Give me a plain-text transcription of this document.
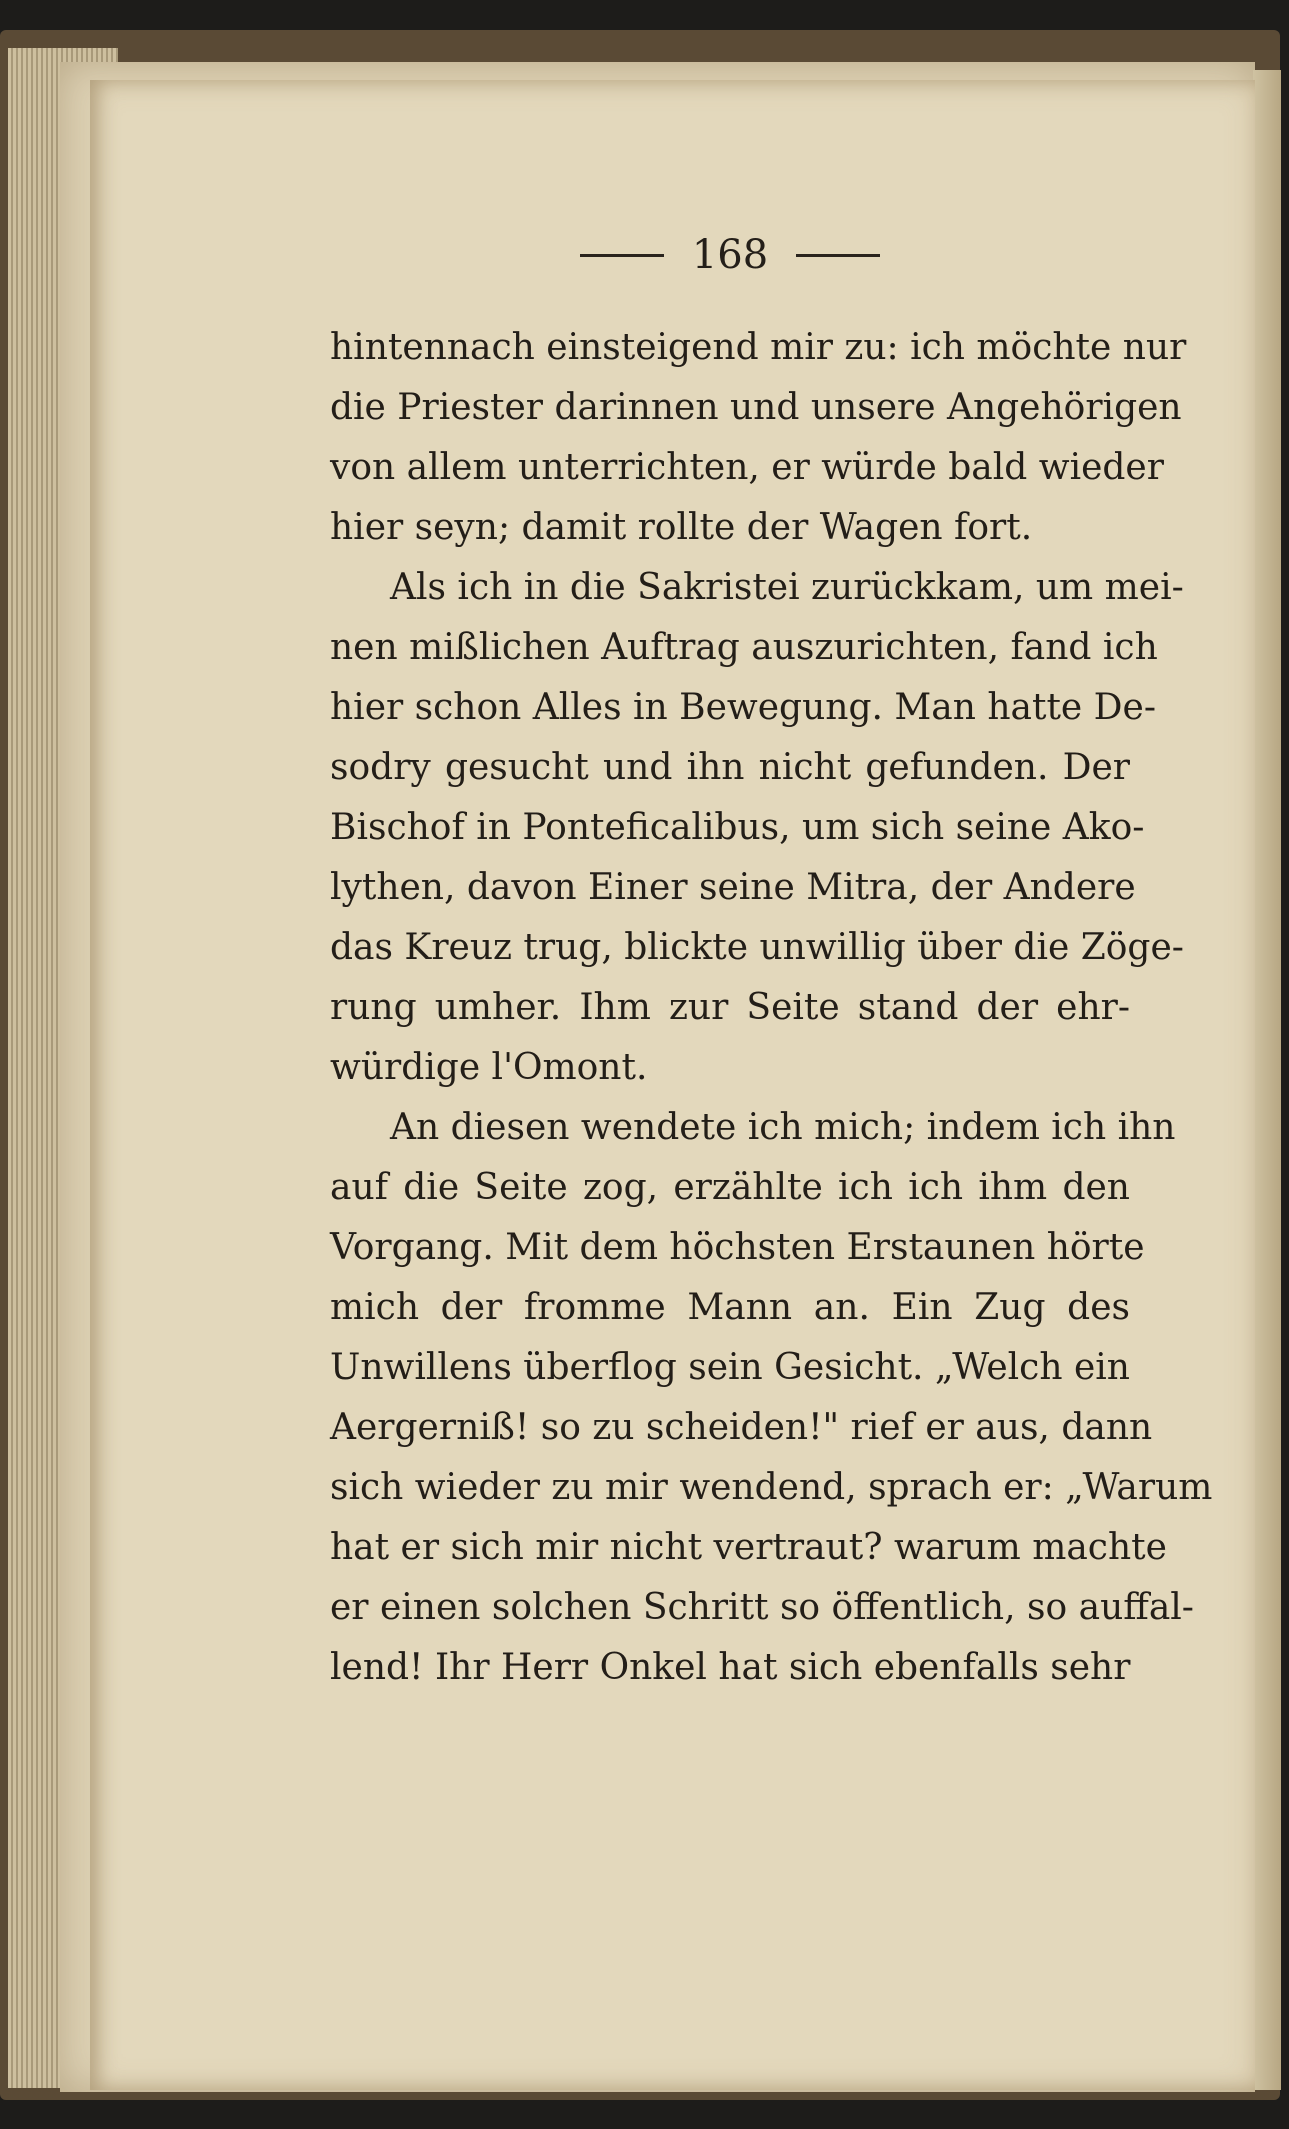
168
hintennach einsteigend mir zu: ich möchte nur
die Priester darinnen und unsere Angehörigen
von allem unterrichten, er würde bald wieder
hier seyn; damit rollte der Wagen fort.
Als ich in die Sakristei zurückkam, um mei-
nen mißlichen Auftrag auszurichten, fand ich
hier schon Alles in Bewegung. Man hatte De-
sodry gesucht und ihn nicht gefunden. Der
Bischof in Ponteficalibus, um sich seine Ako-
lythen, davon Einer seine Mitra, der Andere
das Kreuz trug, blickte unwillig über die Zöge-
rung umher. Ihm zur Seite stand der ehr-
würdige l'Omont.
An diesen wendete ich mich; indem ich ihn
auf die Seite zog, erzählte ich ich ihm den
Vorgang. Mit dem höchsten Erstaunen hörte
mich der fromme Mann an. Ein Zug des
Unwillens überflog sein Gesicht. „Welch ein
Aergerniß! so zu scheiden!" rief er aus, dann
sich wieder zu mir wendend, sprach er: „Warum
hat er sich mir nicht vertraut? warum machte
er einen solchen Schritt so öffentlich, so auffal-
lend! Ihr Herr Onkel hat sich ebenfalls sehr
